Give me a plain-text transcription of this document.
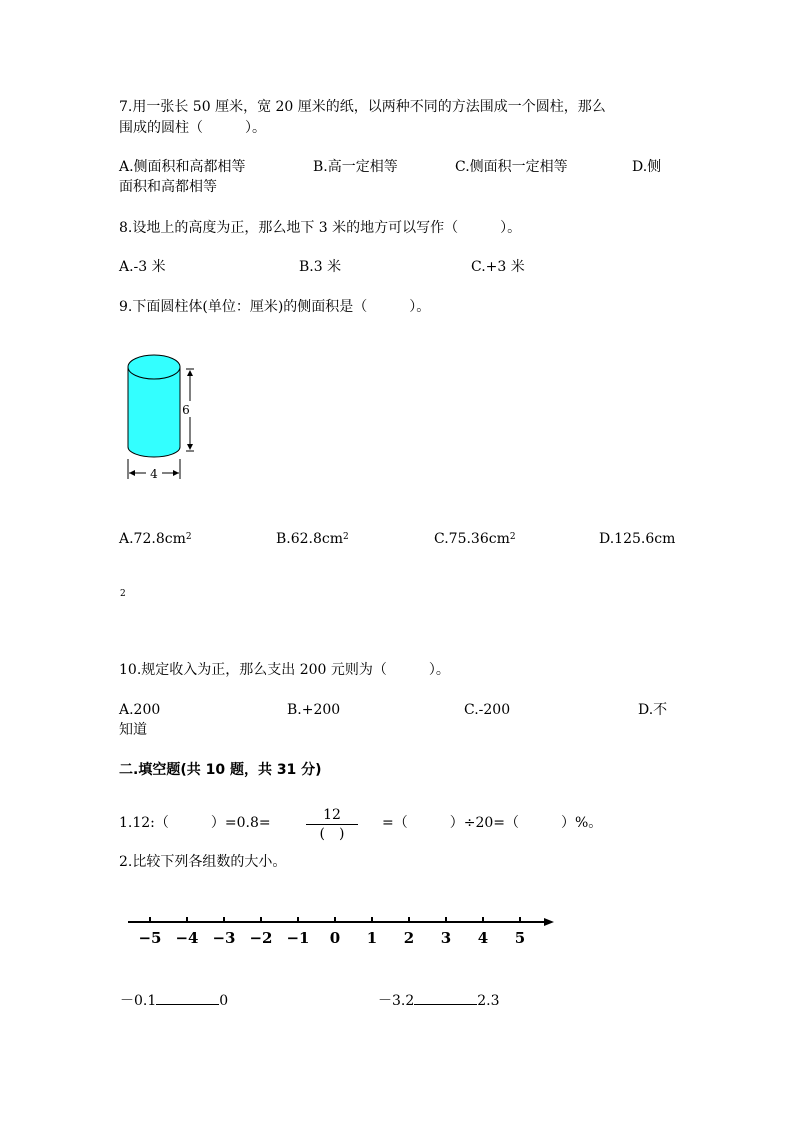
7.用一张长 50 厘米，宽 20 厘米的纸，以两种不同的方法围成一个圆柱，那么
围成的圆柱（　　　）。
A.侧面积和高都相等	B.高一定相等	C.侧面积一定相等	D.侧
面积和高都相等
8.设地上的高度为正，那么地下 3 米的地方可以写作（　　　）。
A.-3 米	B.3 米	C.+3 米
9.下面圆柱体(单位：厘米)的侧面积是（　　　）。
6
4
$A.72.8cm^2$	$B.62.8cm^2$	$C.75.36cm^2$	D.125.6cm
2
10.规定收入为正，那么支出 200 元则为（　　　）。
A.200	B.+200	C.-200	D.不
知道
二.填空题(共 10 题，共 31 分)
1.12:（　　　）=0.8=	12
(　)
=（　　　）÷20=（　　　）%。
2.比较下列各组数的大小。
−5 −4 −3 −2 −1 0 1 2 3 4 5
－0.1	0	－3.2	2.3
